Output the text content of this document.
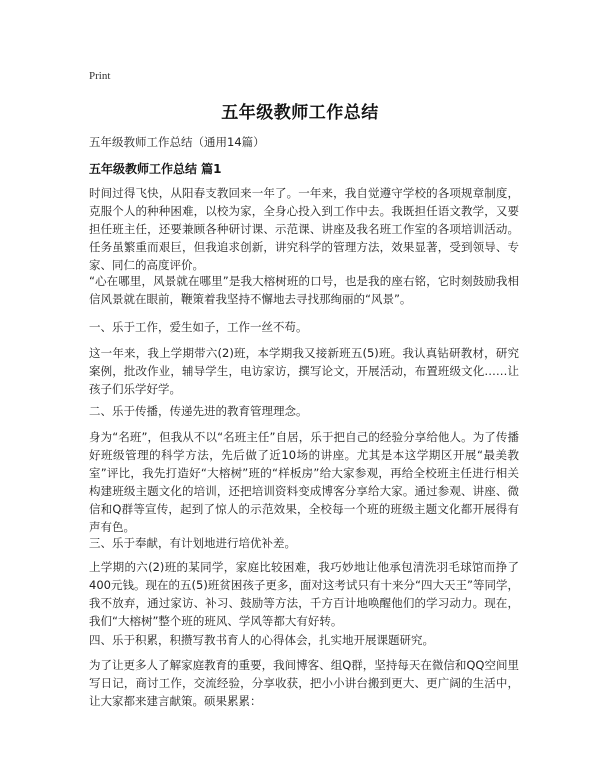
Print
五年级教师工作总结
五年级教师工作总结（通用14篇）
五年级教师工作总结 篇1

时间过得飞快，从阳春支教回来一年了。一年来，我自觉遵守学校的各项规章制度，克服个人的种种困难，以校为家，全身心投入到工作中去。我既担任语文教学，又要担任班主任，还要兼顾各种研讨课、示范课、讲座及我名班工作室的各项培训活动。任务虽繁重而艰巨，但我追求创新，讲究科学的管理方法，效果显著，受到领导、专家、同仁的高度评价。

“心在哪里，风景就在哪里”是我大榕树班的口号，也是我的座右铭，它时刻鼓励我相信风景就在眼前，鞭策着我坚持不懈地去寻找那绚丽的“风景”。

一、乐于工作，爱生如子，工作一丝不苟。

这一年来，我上学期带六(2)班，本学期我又接新班五(5)班。我认真钻研教材，研究案例，批改作业，辅导学生，电访家访，撰写论文，开展活动，布置班级文化……让孩子们乐学好学。

二、乐于传播，传递先进的教育管理理念。

身为“名班”，但我从不以“名班主任”自居，乐于把自己的经验分享给他人。为了传播好班级管理的科学方法，先后做了近10场的讲座。尤其是本这学期区开展“最美教室”评比，我先打造好“大榕树”班的“样板房”给大家参观，再给全校班主任进行相关构建班级主题文化的培训，还把培训资料变成博客分享给大家。通过参观、讲座、微信和Q群等宣传，起到了惊人的示范效果，全校每一个班的班级主题文化都开展得有声有色。

三、乐于奉献，有计划地进行培优补差。

上学期的六(2)班的某同学，家庭比较困难，我巧妙地让他承包清洗羽毛球馆而挣了400元钱。现在的五(5)班贫困孩子更多，面对这考试只有十来分“四大天王”等同学，我不放弃，通过家访、补习、鼓励等方法，千方百计地唤醒他们的学习动力。现在，我们“大榕树”整个班的班风、学风等都大有好转。

四、乐于积累，积攒写教书育人的心得体会，扎实地开展课题研究。

为了让更多人了解家庭教育的重要，我间博客、组Q群，坚持每天在微信和QQ空间里写日记，商讨工作，交流经验，分享收获，把小小讲台搬到更大、更广阔的生活中，让大家都来建言献策。硕果累累：
